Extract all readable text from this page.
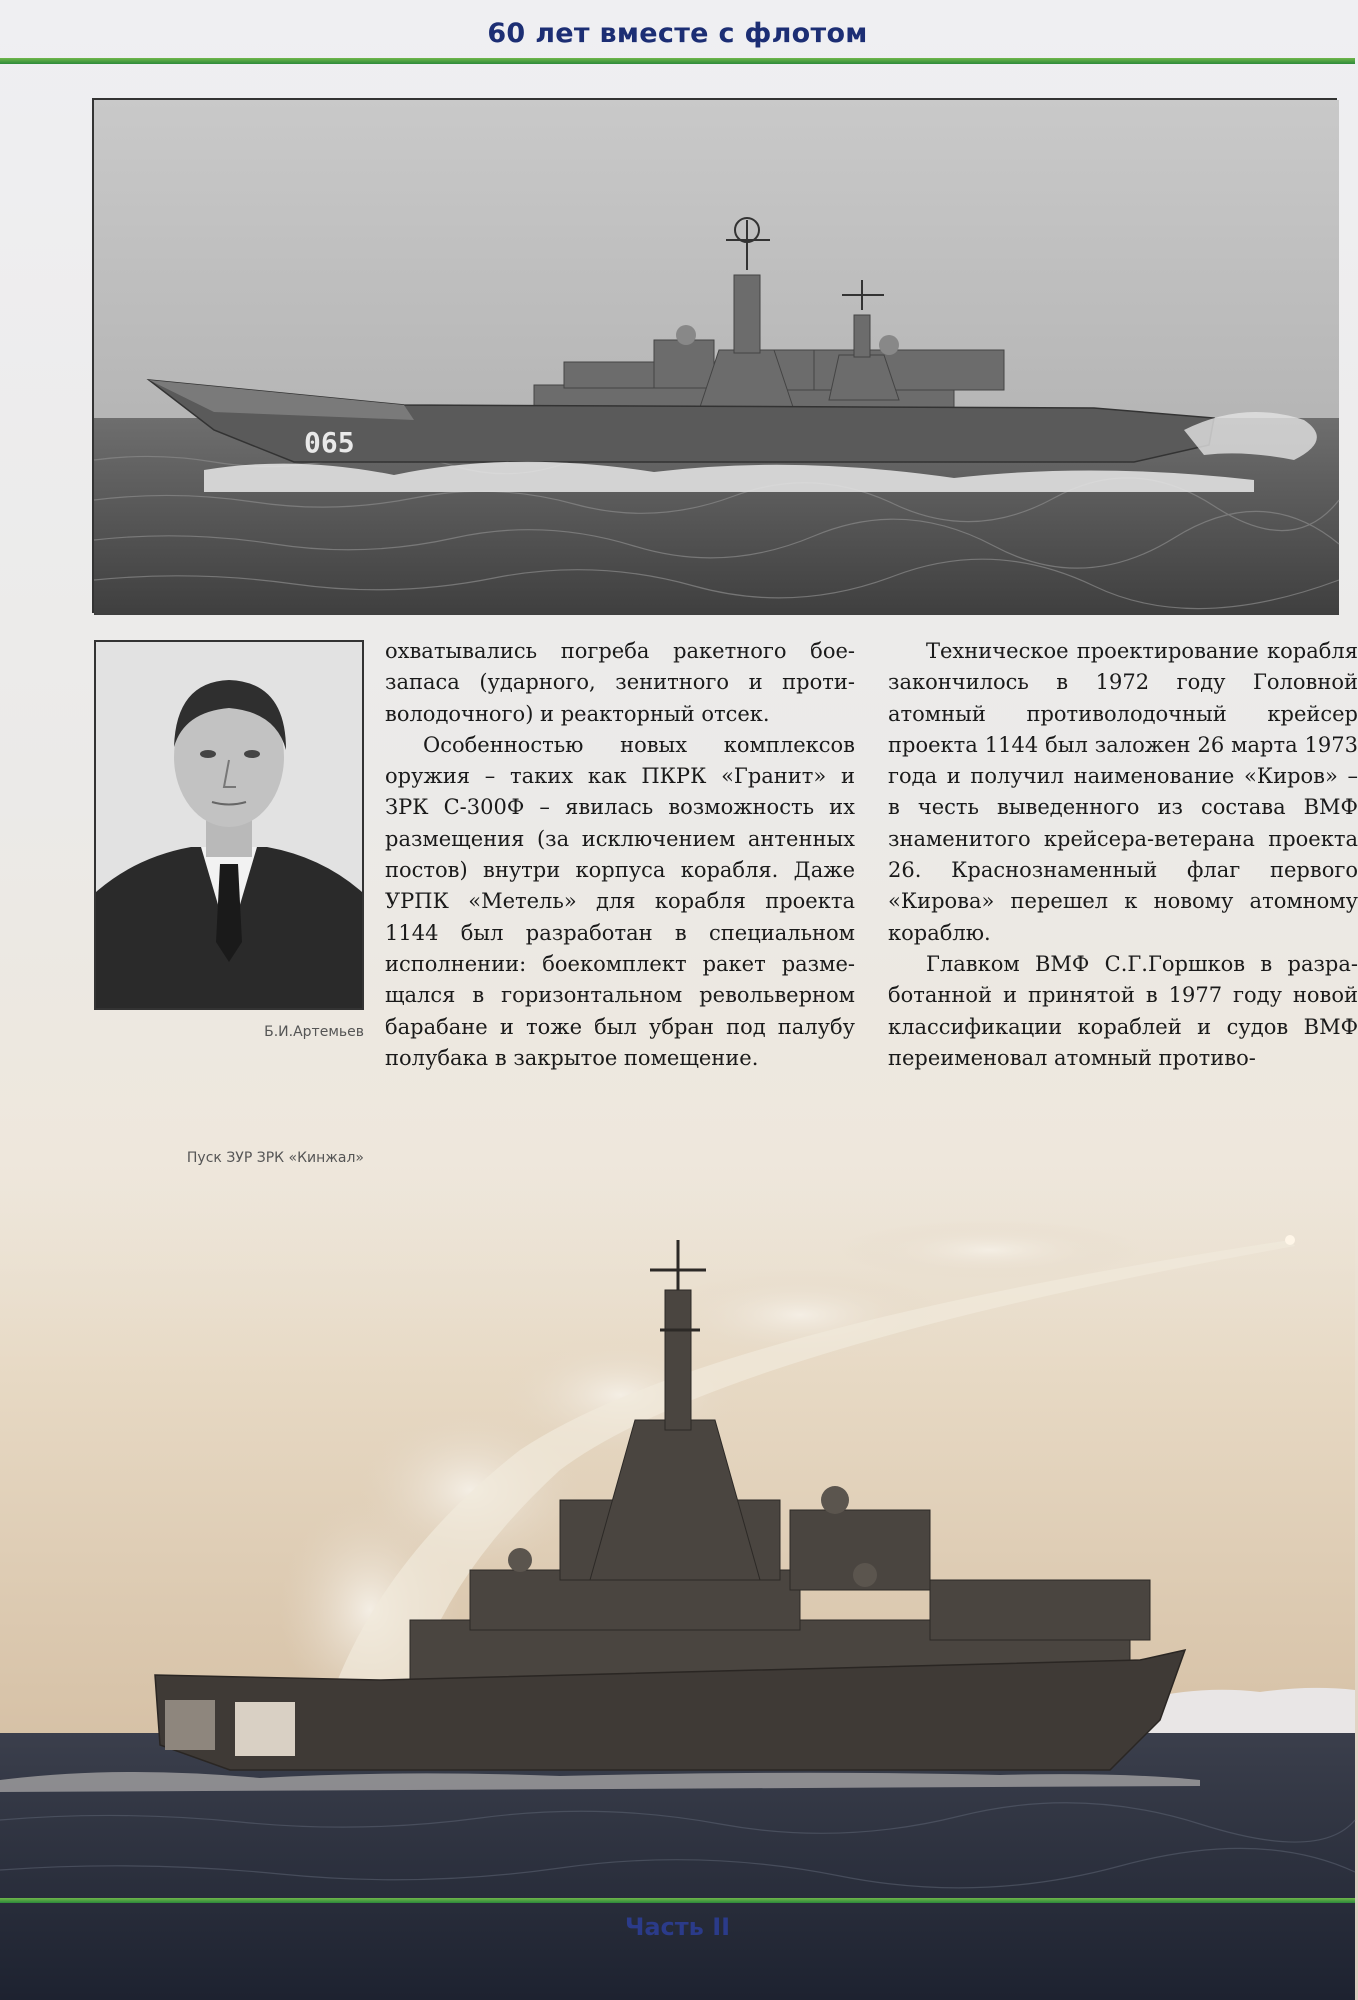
60 лет вместе с флотом
065
Б.И.Артемьев

охватывались погреба ракетного боезапаса (ударного, зенитного и противолодочного) и реакторный отсек.

Особенностью новых комплексов оружия – таких как ПКРК «Гранит» и ЗРК С-300Ф – явилась возможность их размещения (за исключением антенных постов) внутри корпуса корабля. Даже УРПК «Метель» для корабля проекта 1144 был разработан в специальном исполнении: боекомплект ракет размещался в горизонтальном револьверном барабане и тоже был убран под палубу полубака в закрытое помещение.

Техническое проектирование корабля закончилось в 1972 году Головной атомный противолодочный крейсер проекта 1144 был заложен 26 марта 1973 года и получил наименование «Киров» – в честь выведенного из состава ВМФ знаменитого крейсера-ветерана проекта 26. Краснознаменный флаг первого «Кирова» перешел к новому атомному кораблю.

Главком ВМФ С.Г.Горшков в разработанной и принятой в 1977 году новой классификации кораблей и судов ВМФ переименовал атомный противо-

Пуск ЗУР ЗРК «Кинжал»
Часть II
